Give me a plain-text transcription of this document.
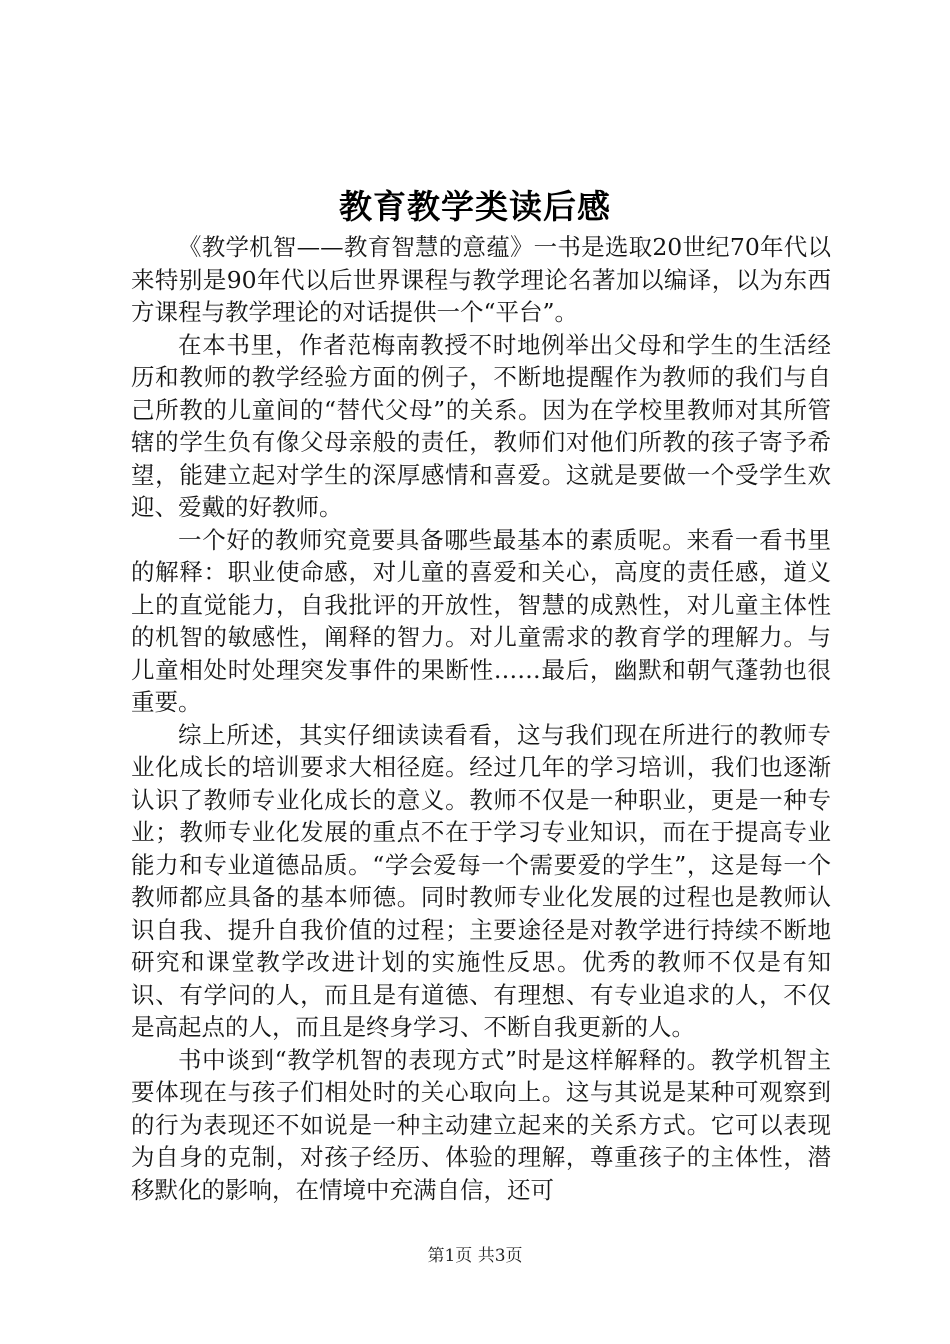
教育教学类读后感

《教学机智——教育智慧的意蕴》一书是选取20世纪70年代以来特别是90年代以后世界课程与教学理论名著加以编译，以为东西方课程与教学理论的对话提供一个“平台”。

在本书里，作者范梅南教授不时地例举出父母和学生的生活经历和教师的教学经验方面的例子，不断地提醒作为教师的我们与自己所教的儿童间的“替代父母”的关系。因为在学校里教师对其所管辖的学生负有像父母亲般的责任，教师们对他们所教的孩子寄予希望，能建立起对学生的深厚感情和喜爱。这就是要做一个受学生欢迎、爱戴的好教师。

一个好的教师究竟要具备哪些最基本的素质呢。来看一看书里的解释：职业使命感，对儿童的喜爱和关心，高度的责任感，道义上的直觉能力，自我批评的开放性，智慧的成熟性，对儿童主体性的机智的敏感性，阐释的智力。对儿童需求的教育学的理解力。与儿童相处时处理突发事件的果断性……最后，幽默和朝气蓬勃也很重要。

综上所述，其实仔细读读看看，这与我们现在所进行的教师专业化成长的培训要求大相径庭。经过几年的学习培训，我们也逐渐认识了教师专业化成长的意义。教师不仅是一种职业，更是一种专业；教师专业化发展的重点不在于学习专业知识，而在于提高专业能力和专业道德品质。“学会爱每一个需要爱的学生”，这是每一个教师都应具备的基本师德。同时教师专业化发展的过程也是教师认识自我、提升自我价值的过程；主要途径是对教学进行持续不断地研究和课堂教学改进计划的实施性反思。优秀的教师不仅是有知识、有学问的人，而且是有道德、有理想、有专业追求的人，不仅是高起点的人，而且是终身学习、不断自我更新的人。

书中谈到“教学机智的表现方式”时是这样解释的。教学机智主要体现在与孩子们相处时的关心取向上。这与其说是某种可观察到的行为表现还不如说是一种主动建立起来的关系方式。它可以表现为自身的克制，对孩子经历、体验的理解，尊重孩子的主体性，潜移默化的影响，在情境中充满自信，还可

第1页 共3页
